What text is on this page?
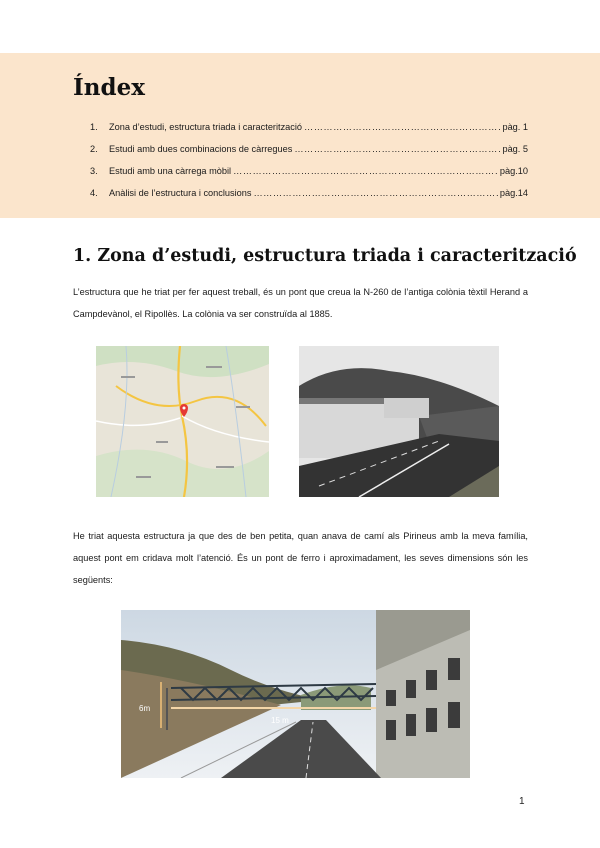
Índex
1.	Zona d’estudi, estructura triada i caracterització …………………………………………………………………………………………………………………………………	pàg. 1
2.	Estudi amb dues combinacions de càrregues …………………………………………………………………………………………………………………………………	pàg. 5
3.	Estudi amb una càrrega mòbil …………………………………………………………………………………………………………………………………	pàg.10
4.	Anàlisi de l’estructura i conclusions …………………………………………………………………………………………………………………………………	pàg.14
1. Zona d’estudi, estructura triada i caracterització

L’estructura que he triat per fer aquest treball, és un pont que creua la N-260 de l’antiga colònia tèxtil Herand a Campdevànol, el Ripollès. La colònia va ser construïda al 1885.

He triat aquesta estructura ja que des de ben petita, quan anava de camí als Pirineus amb la meva família, aquest pont em cridava molt l’atenció. És un pont de ferro i aproximadament, les seves dimensions són les següents:

6m
15 m
1
